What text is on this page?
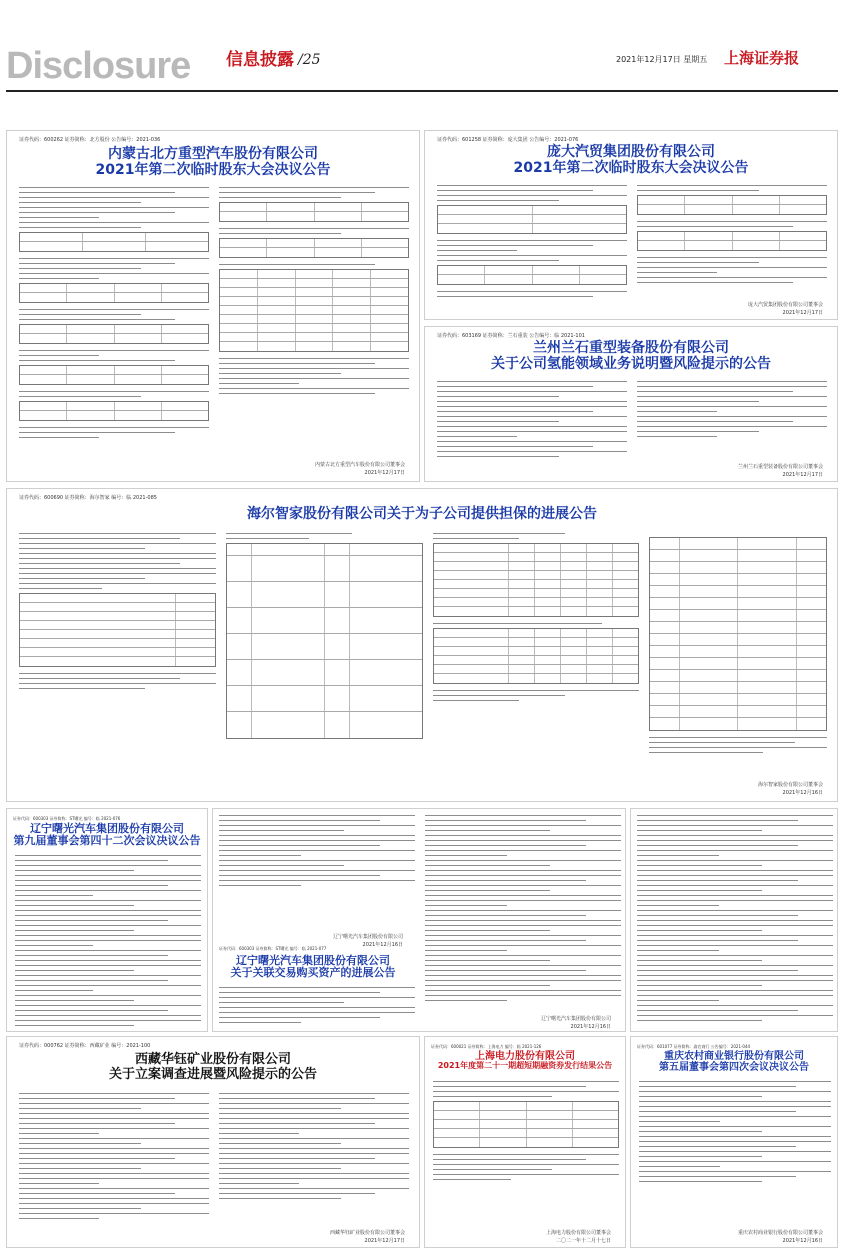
Disclosure 信息披露 /25	2021年12月17日 星期五 上海证券报
证券代码：600262 证券简称：北方股份 公告编号：2021-036
内蒙古北方重型汽车股份有限公司
2021年第二次临时股东大会决议公告
内蒙古北方重型汽车股份有限公司董事会
2021年12月17日
证券代码：601258 证券简称：庞大集团 公告编号：2021-076
庞大汽贸集团股份有限公司
2021年第二次临时股东大会决议公告
庞大汽贸集团股份有限公司董事会
2021年12月17日
证券代码：603169 证券简称：兰石重装 公告编号：临 2021-101
兰州兰石重型装备股份有限公司
关于公司氢能领域业务说明暨风险提示的公告
兰州兰石重型装备股份有限公司董事会
2021年12月17日
证券代码：600690 证券简称：海尔智家 编号：临 2021-085
海尔智家股份有限公司关于为子公司提供担保的进展公告
海尔智家股份有限公司董事会
2021年12月16日
证券代码：600303 证券简称：ST曙光 编号：临 2021-076
辽宁曙光汽车集团股份有限公司
第九届董事会第四十二次会议决议公告
辽宁曙光汽车集团股份有限公司
2021年12月16日
证券代码：600303 证券简称：ST曙光 编号：临 2021-077
辽宁曙光汽车集团股份有限公司
关于关联交易购买资产的进展公告
辽宁曙光汽车集团股份有限公司
2021年12月16日
证券代码：000762 证券简称：西藏矿业 编号：2021-100
西藏华钰矿业股份有限公司
关于立案调查进展暨风险提示的公告
西藏华钰矿业股份有限公司董事会
2021年12月17日
证券代码：600021 证券简称：上海电力 编号：临 2021-126
上海电力股份有限公司
2021年度第二十一期超短期融资券发行结果公告
上海电力股份有限公司董事会
二〇二一年十二月十七日
证券代码：601077 证券简称：渝农商行 公告编号：2021-044
重庆农村商业银行股份有限公司
第五届董事会第四次会议决议公告
重庆农村商业银行股份有限公司董事会
2021年12月16日
